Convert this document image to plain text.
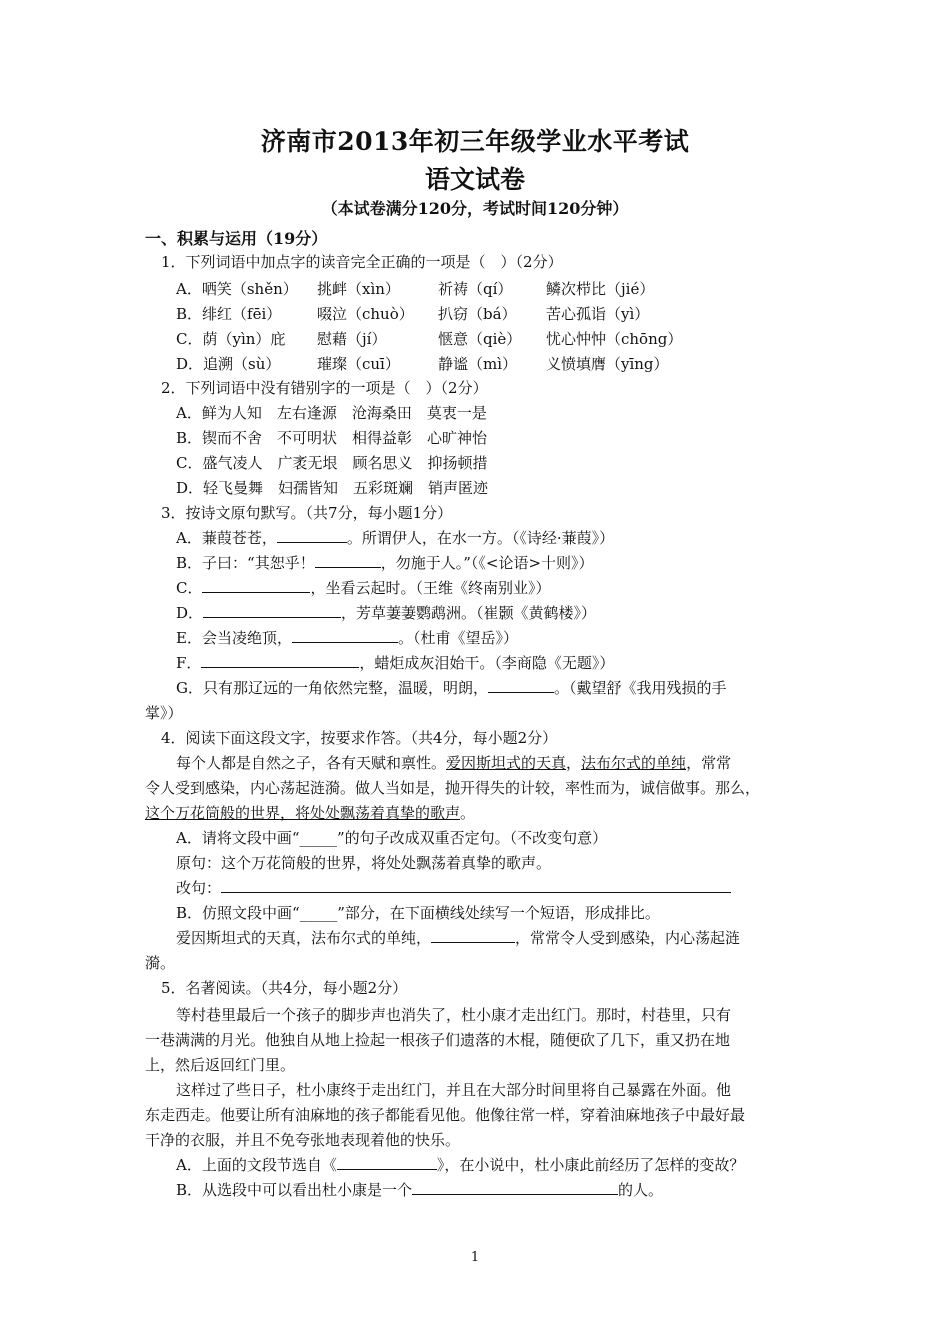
济南市2013年初三年级学业水平考试
语文试卷
（本试卷满分120分，考试时间120分钟）
一、积累与运用（19分）
1．下列词语中加点字的读音完全正确的一项是（　）（2分）
A．哂笑（shěn） 挑衅（xìn）	祈祷（qí） 鳞次栉比（jié）
B．绯红（fēi） 啜泣（chuò） 扒窃（bá） 苦心孤诣（yì）
C．荫（yìn）庇 慰藉（jí）	惬意（qiè） 忧心忡忡（chōng）
D．追溯（sù） 璀璨（cuī）	静谧（mì） 义愤填膺（yīng）
2．下列词语中没有错别字的一项是（　）（2分）
A．鲜为人知　左右逢源　沧海桑田　莫衷一是
B．锲而不舍　不可明状　相得益彰　心旷神怡
C．盛气凌人　广袤无垠　顾名思义　抑扬顿措
D．轻飞曼舞　妇孺皆知　五彩斑斓　销声匿迹
3．按诗文原句默写。（共7分，每小题1分）
A．蒹葭苍苍，	。所谓伊人，在水一方。（《诗经·蒹葭》）
B．子曰：“其恕乎！	，勿施于人。”（《<论语>十则》）
C．	，坐看云起时。（王维《终南别业》）
D．	，芳草萋萋鹦鹉洲。（崔颢《黄鹤楼》）
E．会当凌绝顶，	。（杜甫《望岳》）
F．	，蜡炬成灰泪始干。（李商隐《无题》）
G．只有那辽远的一角依然完整，温暖，明朗，	。（戴望舒《我用残损的手
掌》）
4．阅读下面这段文字，按要求作答。（共4分，每小题2分）
每个人都是自然之子，各有天赋和禀性。爱因斯坦式的天真，法布尔式的单纯，常常
令人受到感染，内心荡起涟漪。做人当如是，抛开得失的计较，率性而为，诚信做事。那么，
这个万花筒般的世界，将处处飘荡着真挚的歌声。
A．请将文段中画“_____”的句子改成双重否定句。（不改变句意）
原句：这个万花筒般的世界，将处处飘荡着真挚的歌声。
改句：
B．仿照文段中画“_____”部分，在下面横线处续写一个短语，形成排比。
爱因斯坦式的天真，法布尔式的单纯，	，常常令人受到感染，内心荡起涟
漪。
5．名著阅读。（共4分，每小题2分）
等村巷里最后一个孩子的脚步声也消失了，杜小康才走出红门。那时，村巷里，只有
一巷满满的月光。他独自从地上捡起一根孩子们遗落的木棍，随便砍了几下，重又扔在地
上，然后返回红门里。
这样过了些日子，杜小康终于走出红门，并且在大部分时间里将自己暴露在外面。他
东走西走。他要让所有油麻地的孩子都能看见他。他像往常一样，穿着油麻地孩子中最好最
干净的衣服，并且不免夸张地表现着他的快乐。
A．上面的文段节选自《	》，在小说中，杜小康此前经历了怎样的变故？
B．从选段中可以看出杜小康是一个	的人。
1
